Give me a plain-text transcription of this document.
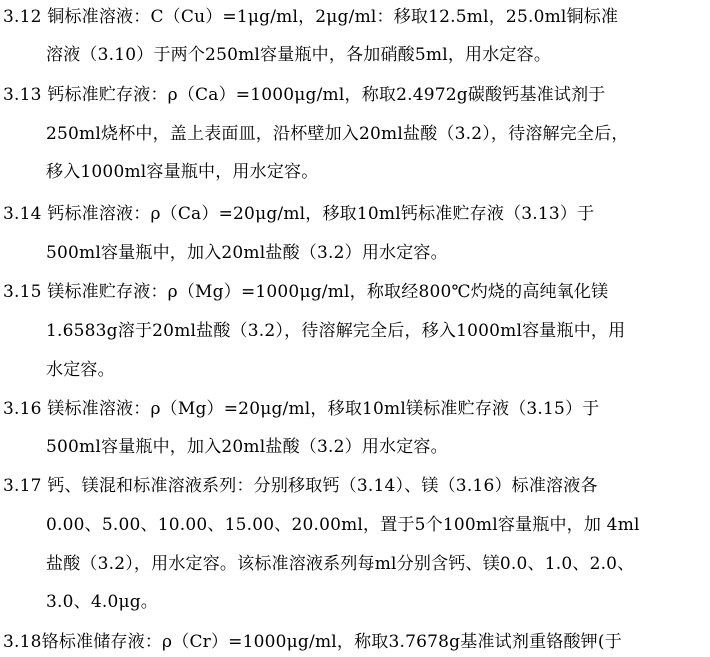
3.12 铜标准溶液：C（Cu）=1μg/ml，2μg/ml：移取12.5ml，25.0ml铜标准
溶液（3.10）于两个250ml容量瓶中，各加硝酸5ml，用水定容。
3.13 钙标准贮存液：ρ（Ca）=1000μg/ml，称取2.4972g碳酸钙基准试剂于
250ml烧杯中，盖上表面皿，沿杯壁加入20ml盐酸（3.2），待溶解完全后，
移入1000ml容量瓶中，用水定容。
3.14 钙标准溶液：ρ（Ca）=20μg/ml，移取10ml钙标准贮存液（3.13）于
500ml容量瓶中，加入20ml盐酸（3.2）用水定容。
3.15 镁标准贮存液：ρ（Mg）=1000μg/ml，称取经800℃灼烧的高纯氧化镁
1.6583g溶于20ml盐酸（3.2），待溶解完全后，移入1000ml容量瓶中，用
水定容。
3.16 镁标准溶液：ρ（Mg）=20μg/ml，移取10ml镁标准贮存液（3.15）于
500ml容量瓶中，加入20ml盐酸（3.2）用水定容。
3.17 钙、镁混和标准溶液系列：分别移取钙（3.14）、镁（3.16）标准溶液各
0.00、5.00、10.00、15.00、20.00ml，置于5个100ml容量瓶中，加 4ml
盐酸（3.2），用水定容。该标准溶液系列每ml分别含钙、镁0.0、1.0、2.0、
3.0、4.0μg。
3.18铬标准储存液：ρ（Cr）=1000μg/ml，称取3.7678g基准试剂重铬酸钾(于
